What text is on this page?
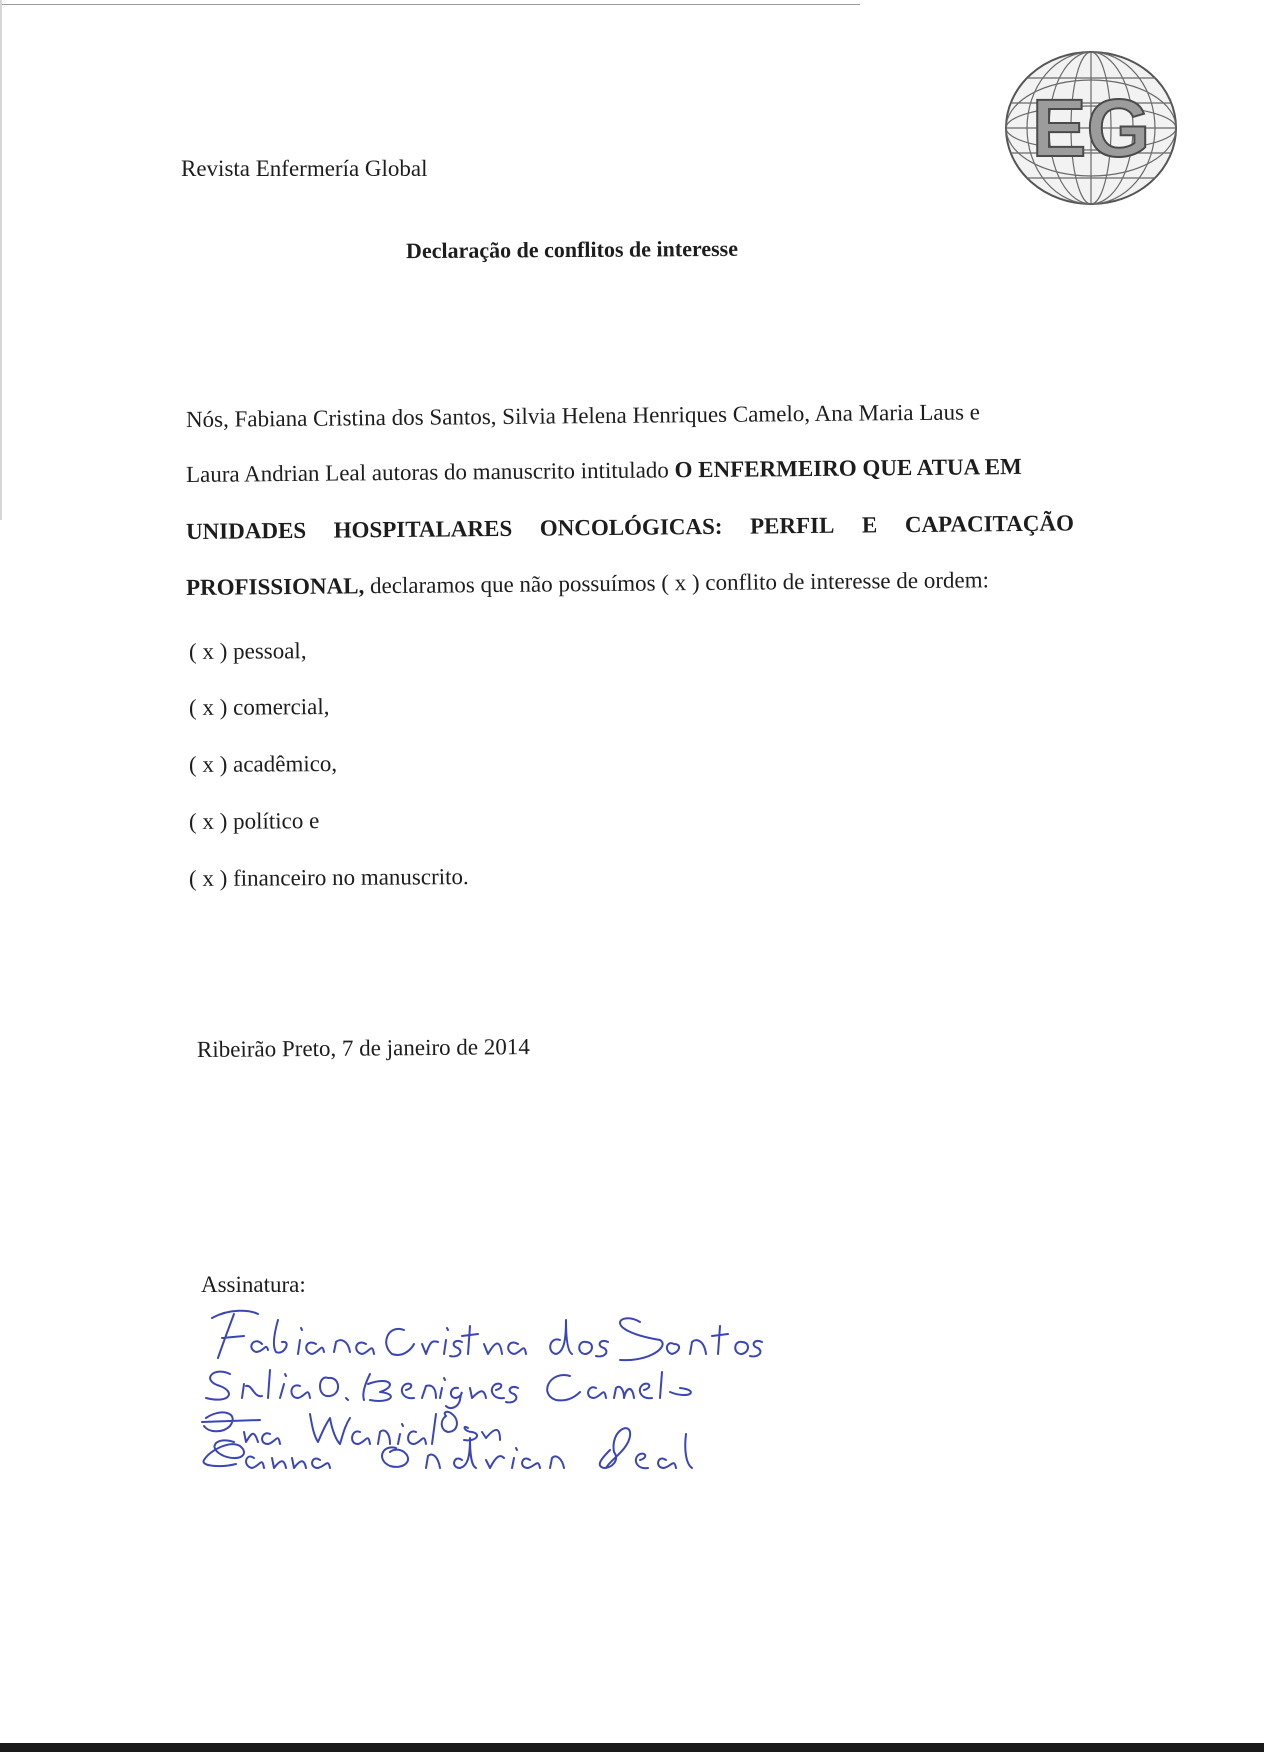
Revista Enfermería Global	EG
Declaração de conflitos de interesse
Nós, Fabiana Cristina dos Santos, Silvia Helena Henriques Camelo, Ana Maria Laus e
Laura Andrian Leal autoras do manuscrito intitulado O ENFERMEIRO QUE ATUA EM
UNIDADES HOSPITALARES ONCOLÓGICAS: PERFIL E CAPACITAÇÃO
PROFISSIONAL, declaramos que não possuímos ( x ) conflito de interesse de ordem:
( x ) pessoal,
( x ) comercial,
( x ) acadêmico,
( x ) político e
( x ) financeiro no manuscrito.
Ribeirão Preto, 7 de janeiro de 2014
Assinatura:
